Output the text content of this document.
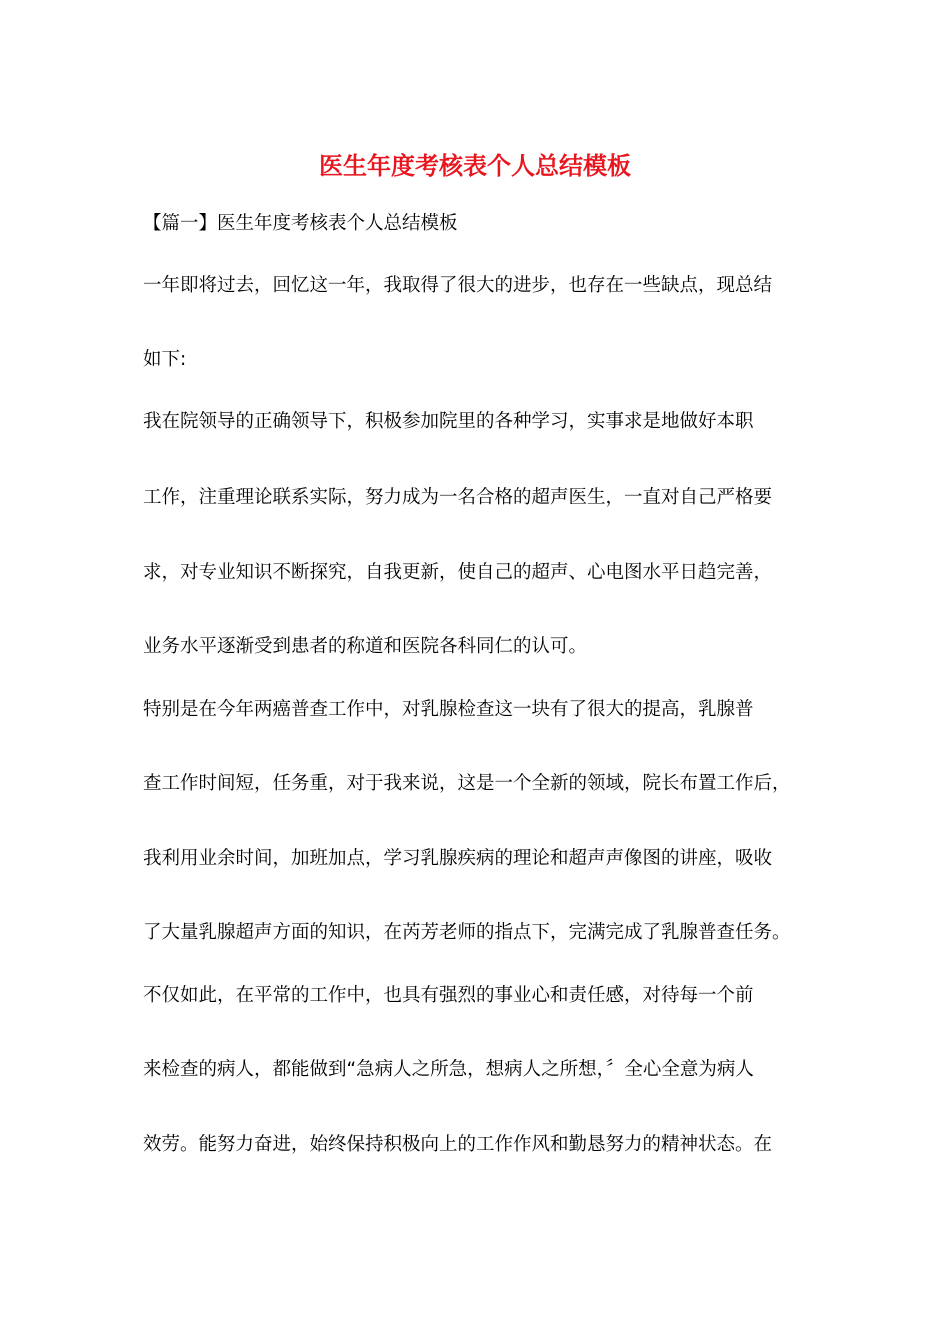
医生年度考核表个人总结模板
【篇一】医生年度考核表个人总结模板
一年即将过去，回忆这一年，我取得了很大的进步，也存在一些缺点，现总结
如下:
我在院领导的正确领导下，积极参加院里的各种学习，实事求是地做好本职
工作，注重理论联系实际，努力成为一名合格的超声医生，一直对自己严格要
求，对专业知识不断探究，自我更新，使自己的超声、心电图水平日趋完善，
业务水平逐渐受到患者的称道和医院各科同仁的认可。
特别是在今年两癌普查工作中，对乳腺检查这一块有了很大的提高，乳腺普
查工作时间短，任务重，对于我来说，这是一个全新的领域，院长布置工作后，
我利用业余时间，加班加点，学习乳腺疾病的理论和超声声像图的讲座，吸收
了大量乳腺超声方面的知识，在芮芳老师的指点下，完满完成了乳腺普查任务。
不仅如此，在平常的工作中，也具有强烈的事业心和责任感，对待每一个前
来检查的病人，都能做到“急病人之所急，想病人之所想，〞全心全意为病人
效劳。能努力奋进，始终保持积极向上的工作作风和勤恳努力的精神状态。在
